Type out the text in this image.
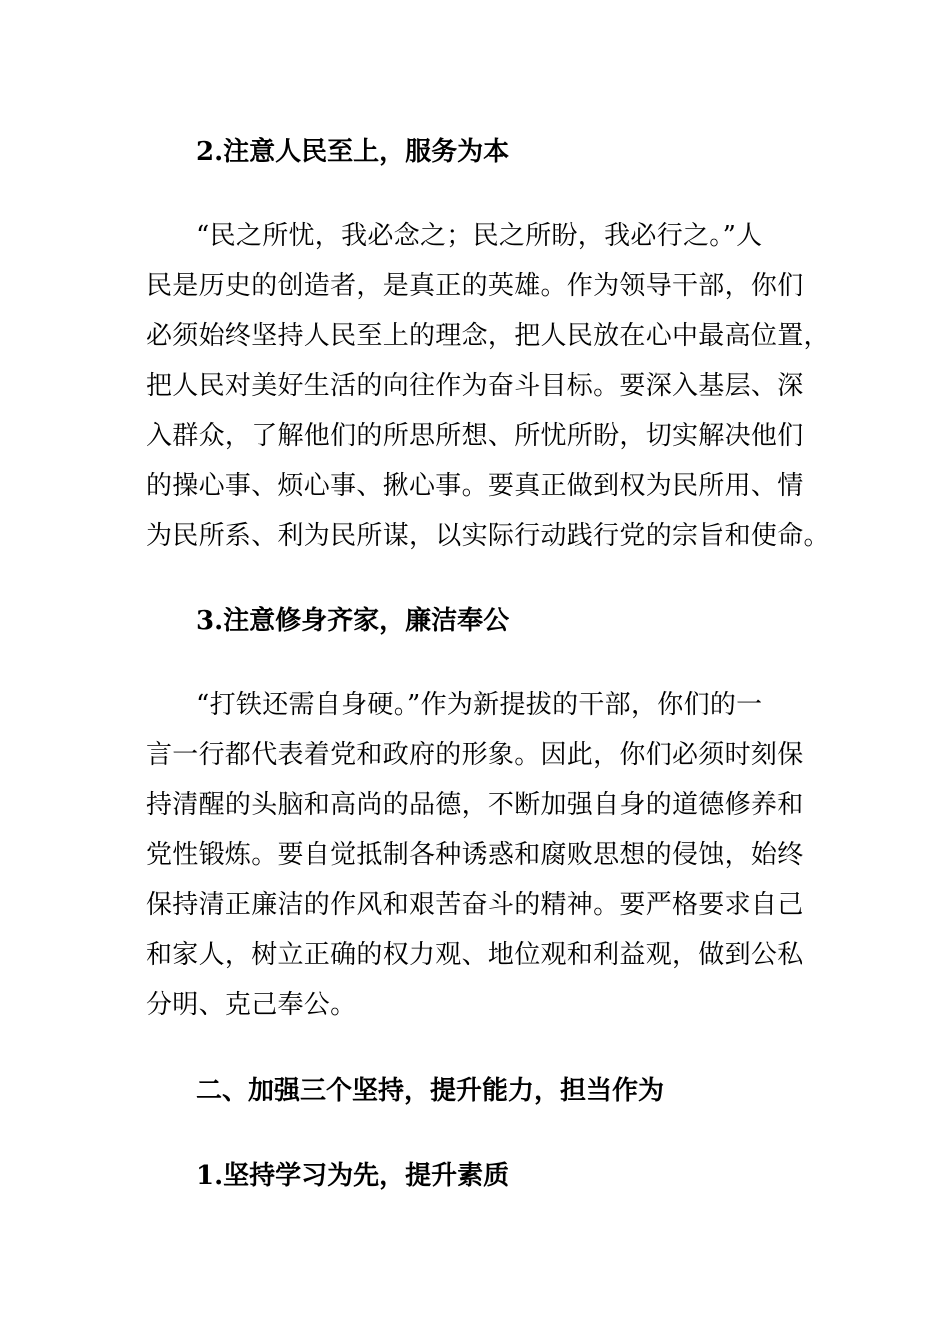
2.注意人民至上，服务为本
“民之所忧，我必念之；民之所盼，我必行之。”人
民是历史的创造者，是真正的英雄。作为领导干部，你们
必须始终坚持人民至上的理念，把人民放在心中最高位置，
把人民对美好生活的向往作为奋斗目标。要深入基层、深
入群众，了解他们的所思所想、所忧所盼，切实解决他们
的操心事、烦心事、揪心事。要真正做到权为民所用、情
为民所系、利为民所谋，以实际行动践行党的宗旨和使命。
3.注意修身齐家，廉洁奉公
“打铁还需自身硬。”作为新提拔的干部，你们的一
言一行都代表着党和政府的形象。因此，你们必须时刻保
持清醒的头脑和高尚的品德，不断加强自身的道德修养和
党性锻炼。要自觉抵制各种诱惑和腐败思想的侵蚀，始终
保持清正廉洁的作风和艰苦奋斗的精神。要严格要求自己
和家人，树立正确的权力观、地位观和利益观，做到公私
分明、克己奉公。
二、加强三个坚持，提升能力，担当作为
1.坚持学习为先，提升素质
